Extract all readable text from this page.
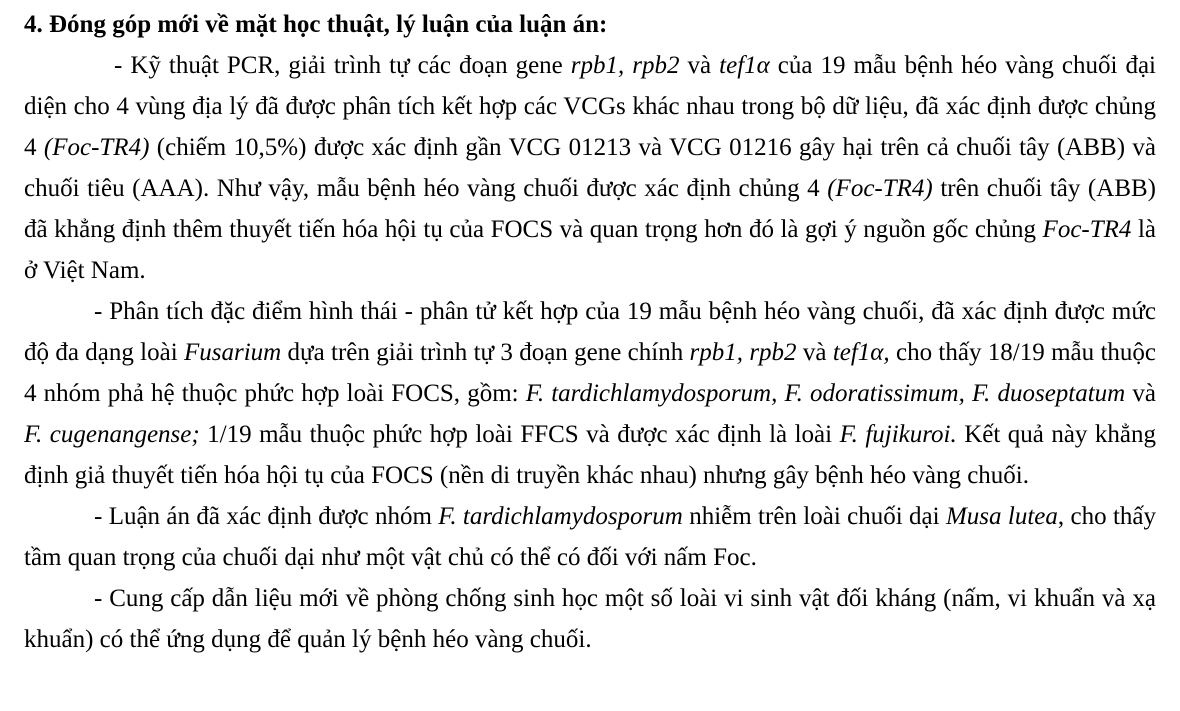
4. Đóng góp mới về mặt học thuật, lý luận của luận án:

- Kỹ thuật PCR, giải trình tự các đoạn gene rpb1, rpb2 và tef1α của 19 mẫu bệnh héo vàng chuối đại diện cho 4 vùng địa lý đã được phân tích kết hợp các VCGs khác nhau trong bộ dữ liệu, đã xác định được chủng 4 (Foc-TR4) (chiếm 10,5%) được xác định gần VCG 01213 và VCG 01216 gây hại trên cả chuối tây (ABB) và chuối tiêu (AAA). Như vậy, mẫu bệnh héo vàng chuối được xác định chủng 4 (Foc-TR4) trên chuối tây (ABB) đã khẳng định thêm thuyết tiến hóa hội tụ của FOCS và quan trọng hơn đó là gợi ý nguồn gốc chủng Foc-TR4 là ở Việt Nam.

- Phân tích đặc điểm hình thái - phân tử kết hợp của 19 mẫu bệnh héo vàng chuối, đã xác định được mức độ đa dạng loài Fusarium dựa trên giải trình tự 3 đoạn gene chính rpb1, rpb2 và tef1α, cho thấy 18/19 mẫu thuộc 4 nhóm phả hệ thuộc phức hợp loài FOCS, gồm: F. tardichlamydosporum, F. odoratissimum, F. duoseptatum và F. cugenangense; 1/19 mẫu thuộc phức hợp loài FFCS và được xác định là loài F. fujikuroi. Kết quả này khẳng định giả thuyết tiến hóa hội tụ của FOCS (nền di truyền khác nhau) nhưng gây bệnh héo vàng chuối.

- Luận án đã xác định được nhóm F. tardichlamydosporum nhiễm trên loài chuối dại Musa lutea, cho thấy tầm quan trọng của chuối dại như một vật chủ có thể có đối với nấm Foc.

- Cung cấp dẫn liệu mới về phòng chống sinh học một số loài vi sinh vật đối kháng (nấm, vi khuẩn và xạ khuẩn) có thể ứng dụng để quản lý bệnh héo vàng chuối.
